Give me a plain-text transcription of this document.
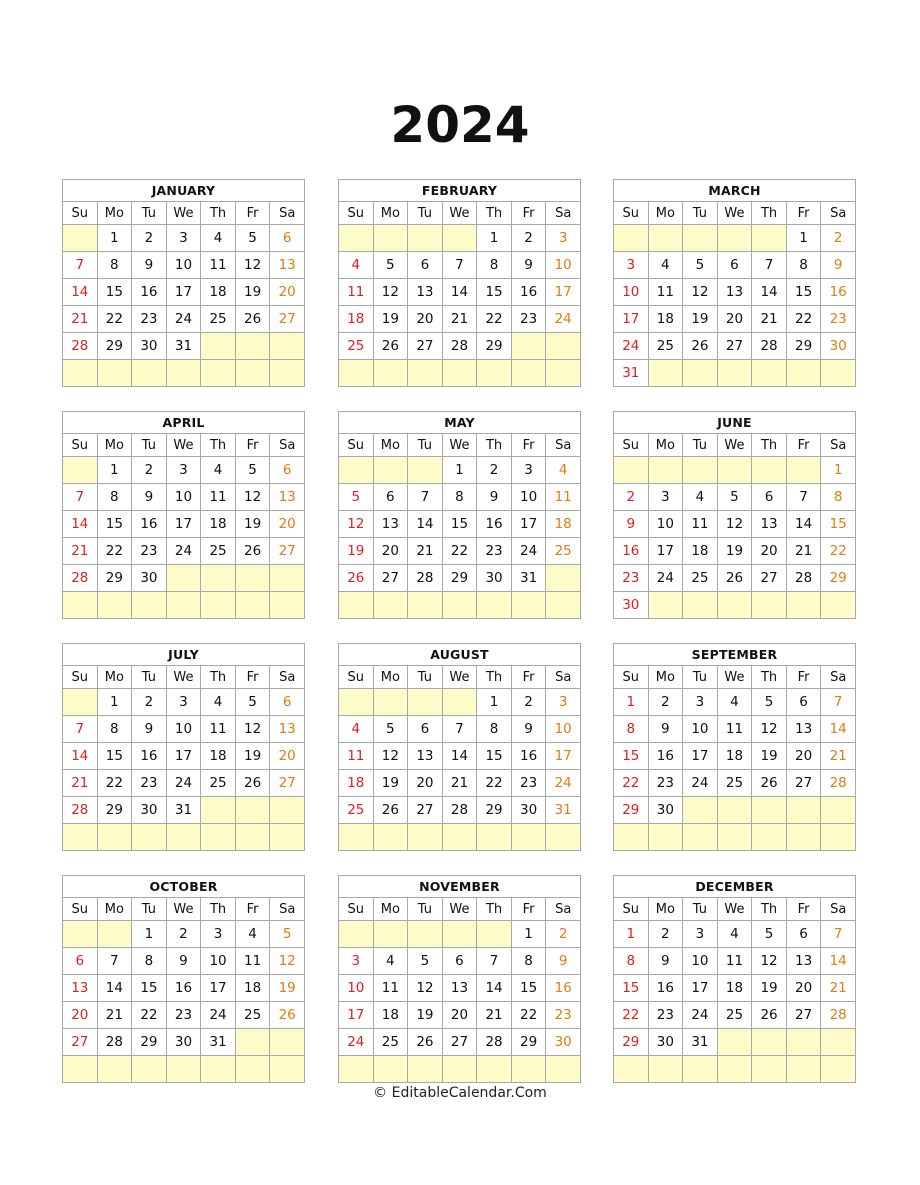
2024
JANUARY						
Su	Mo	Tu	We	Th	Fr	Sa
	1	2	3	4	5	6
7	8	9	10	11	12	13
14	15	16	17	18	19	20
21	22	23	24	25	26	27
28	29	30	31			

FEBRUARY						
Su	Mo	Tu	We	Th	Fr	Sa
				1	2	3
4	5	6	7	8	9	10
11	12	13	14	15	16	17
18	19	20	21	22	23	24
25	26	27	28	29		

MARCH						
Su	Mo	Tu	We	Th	Fr	Sa
					1	2
3	4	5	6	7	8	9
10	11	12	13	14	15	16
17	18	19	20	21	22	23
24	25	26	27	28	29	30
31						
APRIL						
Su	Mo	Tu	We	Th	Fr	Sa
	1	2	3	4	5	6
7	8	9	10	11	12	13
14	15	16	17	18	19	20
21	22	23	24	25	26	27
28	29	30				

MAY						
Su	Mo	Tu	We	Th	Fr	Sa
			1	2	3	4
5	6	7	8	9	10	11
12	13	14	15	16	17	18
19	20	21	22	23	24	25
26	27	28	29	30	31	

JUNE						
Su	Mo	Tu	We	Th	Fr	Sa
						1
2	3	4	5	6	7	8
9	10	11	12	13	14	15
16	17	18	19	20	21	22
23	24	25	26	27	28	29
30						
JULY						
Su	Mo	Tu	We	Th	Fr	Sa
	1	2	3	4	5	6
7	8	9	10	11	12	13
14	15	16	17	18	19	20
21	22	23	24	25	26	27
28	29	30	31			

AUGUST						
Su	Mo	Tu	We	Th	Fr	Sa
				1	2	3
4	5	6	7	8	9	10
11	12	13	14	15	16	17
18	19	20	21	22	23	24
25	26	27	28	29	30	31

SEPTEMBER						
Su	Mo	Tu	We	Th	Fr	Sa
1	2	3	4	5	6	7
8	9	10	11	12	13	14
15	16	17	18	19	20	21
22	23	24	25	26	27	28
29	30					

OCTOBER						
Su	Mo	Tu	We	Th	Fr	Sa
		1	2	3	4	5
6	7	8	9	10	11	12
13	14	15	16	17	18	19
20	21	22	23	24	25	26
27	28	29	30	31		

NOVEMBER						
Su	Mo	Tu	We	Th	Fr	Sa
					1	2
3	4	5	6	7	8	9
10	11	12	13	14	15	16
17	18	19	20	21	22	23
24	25	26	27	28	29	30

DECEMBER						
Su	Mo	Tu	We	Th	Fr	Sa
1	2	3	4	5	6	7
8	9	10	11	12	13	14
15	16	17	18	19	20	21
22	23	24	25	26	27	28
29	30	31				

© EditableCalendar.Com
